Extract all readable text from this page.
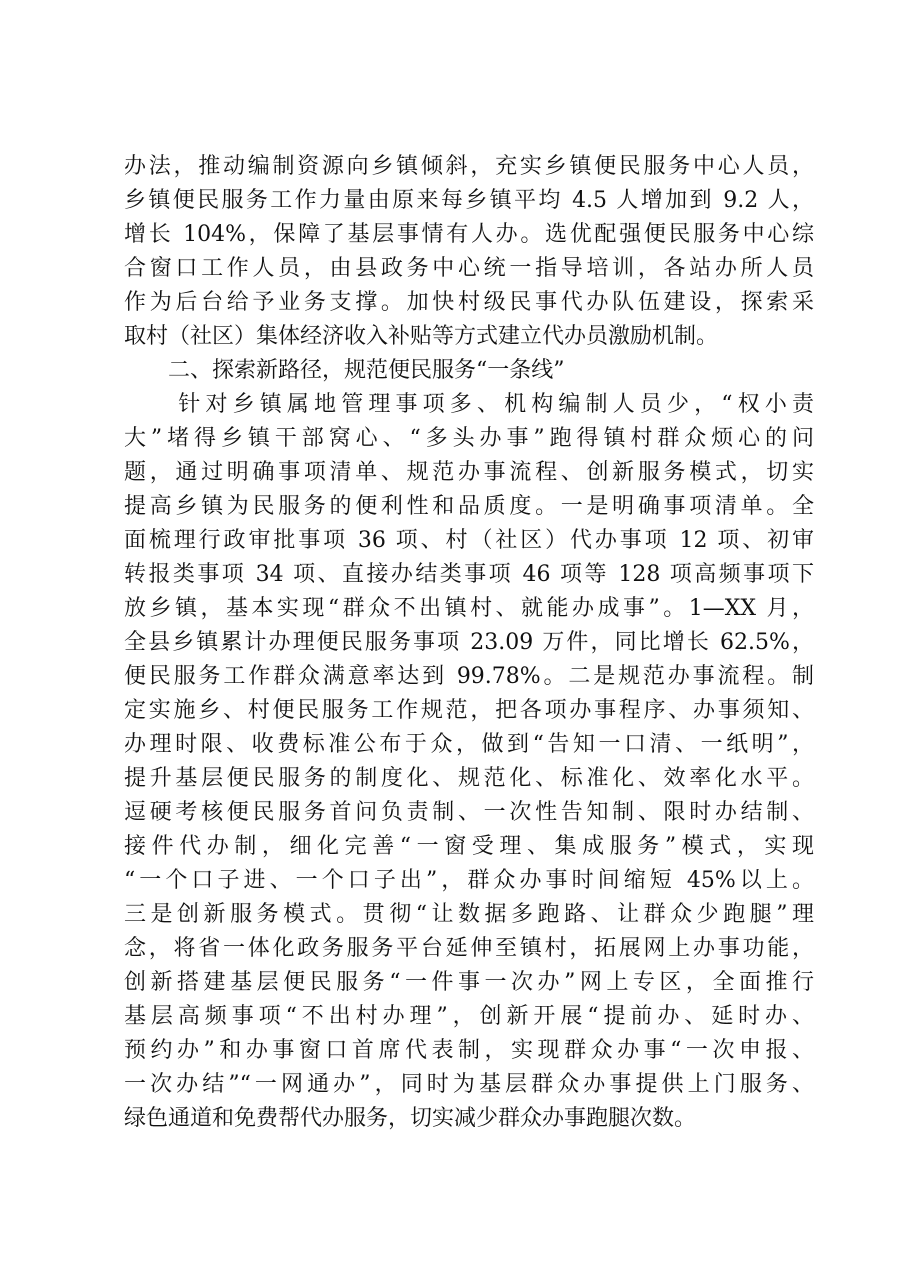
办法，推动编制资源向乡镇倾斜，充实乡镇便民服务中心人员，
乡镇便民服务工作力量由原来每乡镇平均 4.5 人增加到 9.2 人，
增长 104%，保障了基层事情有人办。选优配强便民服务中心综
合窗口工作人员，由县政务中心统一指导培训，各站办所人员
作为后台给予业务支撑。加快村级民事代办队伍建设，探索采
取村（社区）集体经济收入补贴等方式建立代办员激励机制。
　　二、探索新路径，规范便民服务“一条线”
　　针对乡镇属地管理事项多、机构编制人员少，“权小责
大”堵得乡镇干部窝心、“多头办事”跑得镇村群众烦心的问
题，通过明确事项清单、规范办事流程、创新服务模式，切实
提高乡镇为民服务的便利性和品质度。一是明确事项清单。全
面梳理行政审批事项 36 项、村（社区）代办事项 12 项、初审
转报类事项 34 项、直接办结类事项 46 项等 128 项高频事项下
放乡镇，基本实现“群众不出镇村、就能办成事”。1—XX 月，
全县乡镇累计办理便民服务事项 23.09 万件，同比增长 62.5%，
便民服务工作群众满意率达到 99.78%。二是规范办事流程。制
定实施乡、村便民服务工作规范，把各项办事程序、办事须知、
办理时限、收费标准公布于众，做到“告知一口清、一纸明”，
提升基层便民服务的制度化、规范化、标准化、效率化水平。
逗硬考核便民服务首问负责制、一次性告知制、限时办结制、
接件代办制，细化完善“一窗受理、集成服务”模式，实现
“一个口子进、一个口子出”，群众办事时间缩短 45%以上。
三是创新服务模式。贯彻“让数据多跑路、让群众少跑腿”理
念，将省一体化政务服务平台延伸至镇村，拓展网上办事功能，
创新搭建基层便民服务“一件事一次办”网上专区，全面推行
基层高频事项“不出村办理”，创新开展“提前办、延时办、
预约办”和办事窗口首席代表制，实现群众办事“一次申报、
一次办结”“一网通办”，同时为基层群众办事提供上门服务、
绿色通道和免费帮代办服务，切实减少群众办事跑腿次数。
